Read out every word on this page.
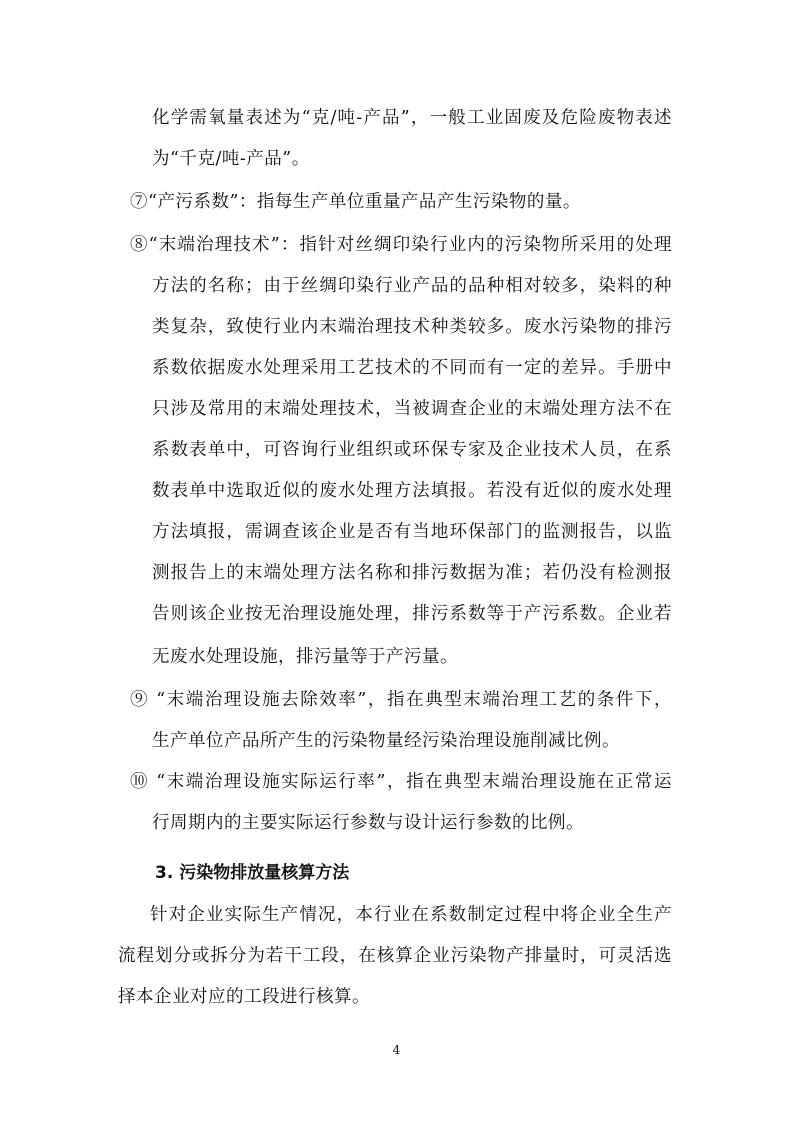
化学需氧量表述为“克/吨-产品”，一般工业固废及危险废物表述
为“千克/吨-产品”。
⑦“产污系数”：指每生产单位重量产品产生污染物的量。
⑧“末端治理技术”：指针对丝绸印染行业内的污染物所采用的处理
方法的名称；由于丝绸印染行业产品的品种相对较多，染料的种
类复杂，致使行业内末端治理技术种类较多。废水污染物的排污
系数依据废水处理采用工艺技术的不同而有一定的差异。手册中
只涉及常用的末端处理技术，当被调查企业的末端处理方法不在
系数表单中，可咨询行业组织或环保专家及企业技术人员，在系
数表单中选取近似的废水处理方法填报。若没有近似的废水处理
方法填报，需调查该企业是否有当地环保部门的监测报告，以监
测报告上的末端处理方法名称和排污数据为准；若仍没有检测报
告则该企业按无治理设施处理，排污系数等于产污系数。企业若
无废水处理设施，排污量等于产污量。
⑨ “末端治理设施去除效率”，指在典型末端治理工艺的条件下，
生产单位产品所产生的污染物量经污染治理设施削减比例。
⑩ “末端治理设施实际运行率”，指在典型末端治理设施在正常运
行周期内的主要实际运行参数与设计运行参数的比例。
3. 污染物排放量核算方法
针对企业实际生产情况，本行业在系数制定过程中将企业全生产
流程划分或拆分为若干工段，在核算企业污染物产排量时，可灵活选
择本企业对应的工段进行核算。
4
